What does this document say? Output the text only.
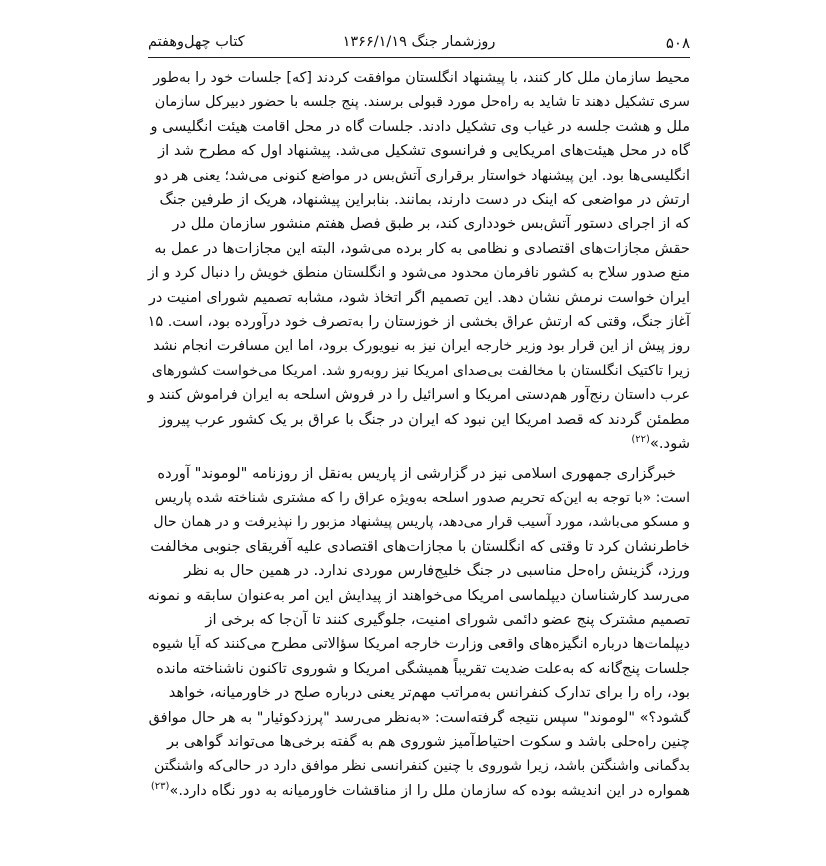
کتاب چهل‌وهفتم	روزشمار جنگ ۱۳۶۶/۱/۱۹	۵۰۸

محیط سازمان ملل کار کنند، با پیشنهاد انگلستان موافقت کردند [که] جلسات خود را به‌طور
سری تشکیل دهند تا شاید به راه‌حل مورد قبولی برسند. پنج جلسه با حضور دبیرکل سازمان
ملل و هشت جلسه در غیاب وی تشکیل دادند. جلسات گاه در محل اقامت هیئت انگلیسی و
گاه در محل هیئت‌های امریکایی و فرانسوی تشکیل می‌شد. پیشنهاد اول که مطرح شد از
انگلیسی‌ها بود. این پیشنهاد خواستار برقراری آتش‌بس در مواضع کنونی می‌شد؛ یعنی هر دو
ارتش در مواضعی که اینک در دست دارند، بمانند. بنابراین پیشنهاد، هریک از طرفین جنگ
که از اجرای دستور آتش‌بس خودداری کند، بر طبق فصل هفتم منشور سازمان ملل در
حقش مجازات‌های اقتصادی و نظامی به کار برده می‌شود، البته این مجازات‌ها در عمل به
منع صدور سلاح به کشور نافرمان محدود می‌شود و انگلستان منطق خویش را دنبال کرد و از
ایران خواست نرمش نشان دهد. این تصمیم اگر اتخاذ شود، مشابه تصمیم شورای امنیت در
آغاز جنگ، وقتی که ارتش عراق بخشی از خوزستان را به‌تصرف خود درآورده بود، است. ۱۵
روز پیش از این قرار بود وزیر خارجه ایران نیز به نیویورک برود، اما این مسافرت انجام نشد
زیرا تاکتیک انگلستان با مخالفت بی‌صدای امریکا نیز روبه‌رو شد. امریکا می‌خواست کشورهای
عرب داستان رنج‌آور هم‌دستی امریکا و اسرائیل را در فروش اسلحه به ایران فراموش کنند و
مطمئن گردند که قصد امریکا این نبود که ایران در جنگ با عراق بر یک کشور عرب پیروز
شود.»$^{(۲۲)}$

خبرگزاری جمهوری اسلامی نیز در گزارشی از پاریس به‌نقل از روزنامه "لوموند" آورده
است: «با توجه به این‌که تحریم صدور اسلحه به‌ویژه عراق را که مشتری شناخته شده پاریس
و مسکو می‌باشد، مورد آسیب قرار می‌دهد، پاریس پیشنهاد مزبور را نپذیرفت و در همان حال
خاطرنشان کرد تا وقتی که انگلستان با مجازات‌های اقتصادی علیه آفریقای جنوبی مخالفت
ورزد، گزینش راه‌حل مناسبی در جنگ خلیج‌فارس موردی ندارد. در همین حال به نظر
می‌رسد کارشناسان دیپلماسی امریکا می‌خواهند از پیدایش این امر به‌عنوان سابقه و نمونه
تصمیم مشترک پنج عضو دائمی شورای امنیت، جلوگیری کنند تا آن‌جا که برخی از
دیپلمات‌ها درباره انگیزه‌های واقعی وزارت خارجه امریکا سؤالاتی مطرح می‌کنند که آیا شیوه
جلسات پنج‌گانه که به‌علت ضدیت تقریباً همیشگی امریکا و شوروی تاکنون ناشناخته مانده
بود، راه را برای تدارک کنفرانس به‌مراتب مهم‌تر یعنی درباره صلح در خاورمیانه، خواهد
گشود؟» "لوموند" سپس نتیجه گرفته‌است: «به‌نظر می‌رسد "پرزدکوئیار" به هر حال موافق
چنین راه‌حلی باشد و سکوت احتیاط‌آمیز شوروی هم به گفته برخی‌ها می‌تواند گواهی بر
بدگمانی واشنگتن باشد، زیرا شوروی با چنین کنفرانسی نظر موافق دارد در حالی‌که واشنگتن
همواره در این اندیشه بوده که سازمان ملل را از مناقشات خاورمیانه به دور نگاه دارد.»$^{(۲۳)}$
